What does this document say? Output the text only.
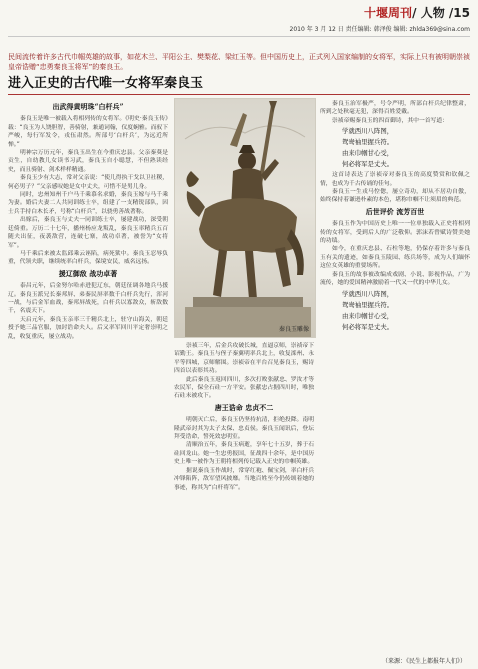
十堰周刊 / 人物 /15
2010 年 3 月 12 日 责任编辑: 韩泽俊 编辑: zhlda369@sina.com
民间流传着许多古代巾帼英雄的故事，如花木兰、平阳公主、樊梨花、梁红玉等。但中国历史上，正式列入国家编制的女将军，实际上只有被明朝崇祯皇帝诰赠“忠勇秦良玉将军”的秦良玉。
进入正史的古代唯一女将军秦良玉
出武得黄明珠“白杆兵”
秦良玉是唯一被载入将相列传的女将军。《明史·秦良玉传》载：“良玉为人饶胆智，善骑射，兼通词翰，仪度娴雅。而驭下严峻，每行军发令，戎伍肃然。所部号‘白杆兵’，为远近所惮。”
明神宗万历元年，秦良玉出生在今重庆忠县。父亲秦葵是贡生，自幼教儿女读书习武，秦良玉自小聪慧，不但熟读经史，而且骑射、剑术样样精通。
秦良玉少有大志，常对父亲说：“使儿得执干戈以卫社稷，何必男子？”父亲感叹她是女中丈夫，可惜不是男儿身。
同时，忠州知州千户马千乘慕名求婚，秦良玉嫁与马千乘为妻。婚后夫妻二人共同训练士卒，组建了一支精锐部队，因士兵手持白木长矛，号称“白杆兵”，以骁勇善战著称。
出嫁后，秦良玉与丈夫一同训练士卒，屡建战功，深受朝廷倚重。万历二十七年，播州杨应龙叛乱，秦良玉率精兵五百随夫出征，夜袭敌营，连破七寨，战功卓著，被誉为“女将军”。
马千乘后来被太监邱乘云诬陷，病死狱中。秦良玉忍辱负重，代领夫职，继续统率白杆兵，保境安民，威名远扬。
援辽御敌 战功卓著
泰昌元年，后金努尔哈赤进犯辽东，朝廷征调各地兵马援辽。秦良玉派兄长秦邦屏、弟秦民屏率数千白杆兵先行，浑河一战，与后金军血战，秦邦屏战死，白杆兵以寡敌众，斩敌数千，名震天下。
天启元年，秦良玉亲率三千精兵北上，驻守山海关，朝廷授予她三品官服，加封诰命夫人。后又率军回川平定奢崇明之乱，收复重庆，屡立战功。
秦良玉雕像
崇祯三年，后金兵攻破长城，直逼京师，崇祯帝下诏勤王。秦良玉与侄子秦翼明率兵北上，收复滦州、永平等四城，京师解围。崇祯帝在平台召见秦良玉，赐诗四首以表彰其功。
此后秦良玉返回四川，多次打败张献忠、罗汝才等农民军，保全石砫一方平安。张献忠占据四川时，唯独石砫未被攻下。
唐王诰命 忠贞不二
明朝灭亡后，秦良玉仍坚持抗清，拒绝投降。南明隆武帝封其为太子太保、忠贞侯。秦良玉闻讯后，登坛拜受诰命，誓死效忠明室。
清顺治五年，秦良玉病逝，享年七十五岁，葬于石砫回龙山。她一生忠勇报国，征战四十余年，是中国历史上唯一被作为王朝将相列传记载入正史的巾帼英雄。
据说秦良玉作战时，常穿红袍、佩宝剑，率白杆兵冲锋陷阵，敌军望风披靡。当地百姓至今仍传颂着她的事迹，称其为“白杆将军”。
秦良玉治军极严，号令严明，所部白杆兵纪律整肃，所到之处秋毫无犯，深得百姓爱戴。
崇祯帝赐秦良玉的四首御诗，其中一首写道：
学就西川八阵图，
鸳鸯袖里握兵符。
由来巾帼甘心受，
何必将军是丈夫。
这首诗表达了崇祯帝对秦良玉的高度赞赏和钦佩之情，也成为千古传诵的佳句。
秦良玉一生戎马倥偬，屡立奇功，却从不居功自傲，始终保持着谦逊朴素的本色，堪称巾帼不让须眉的典范。
后世评价 流芳百世
秦良玉作为中国历史上唯一一位单独载入正史将相列传的女将军，受到后人的广泛敬仰。郭沫若曾赋诗赞美她的功绩。
如今，在重庆忠县、石柱等地，仍保存着许多与秦良玉有关的遗迹，如秦良玉陵园、练兵场等，成为人们缅怀这位女英雄的重要场所。
秦良玉的故事被改编成戏剧、小说、影视作品，广为流传，她的爱国精神激励着一代又一代的中华儿女。
学就西川八阵图，
鸳鸯袖里握兵符。
由来巾帼甘心受，
何必将军是丈夫。
（来源：《民生上都报年人们》）
